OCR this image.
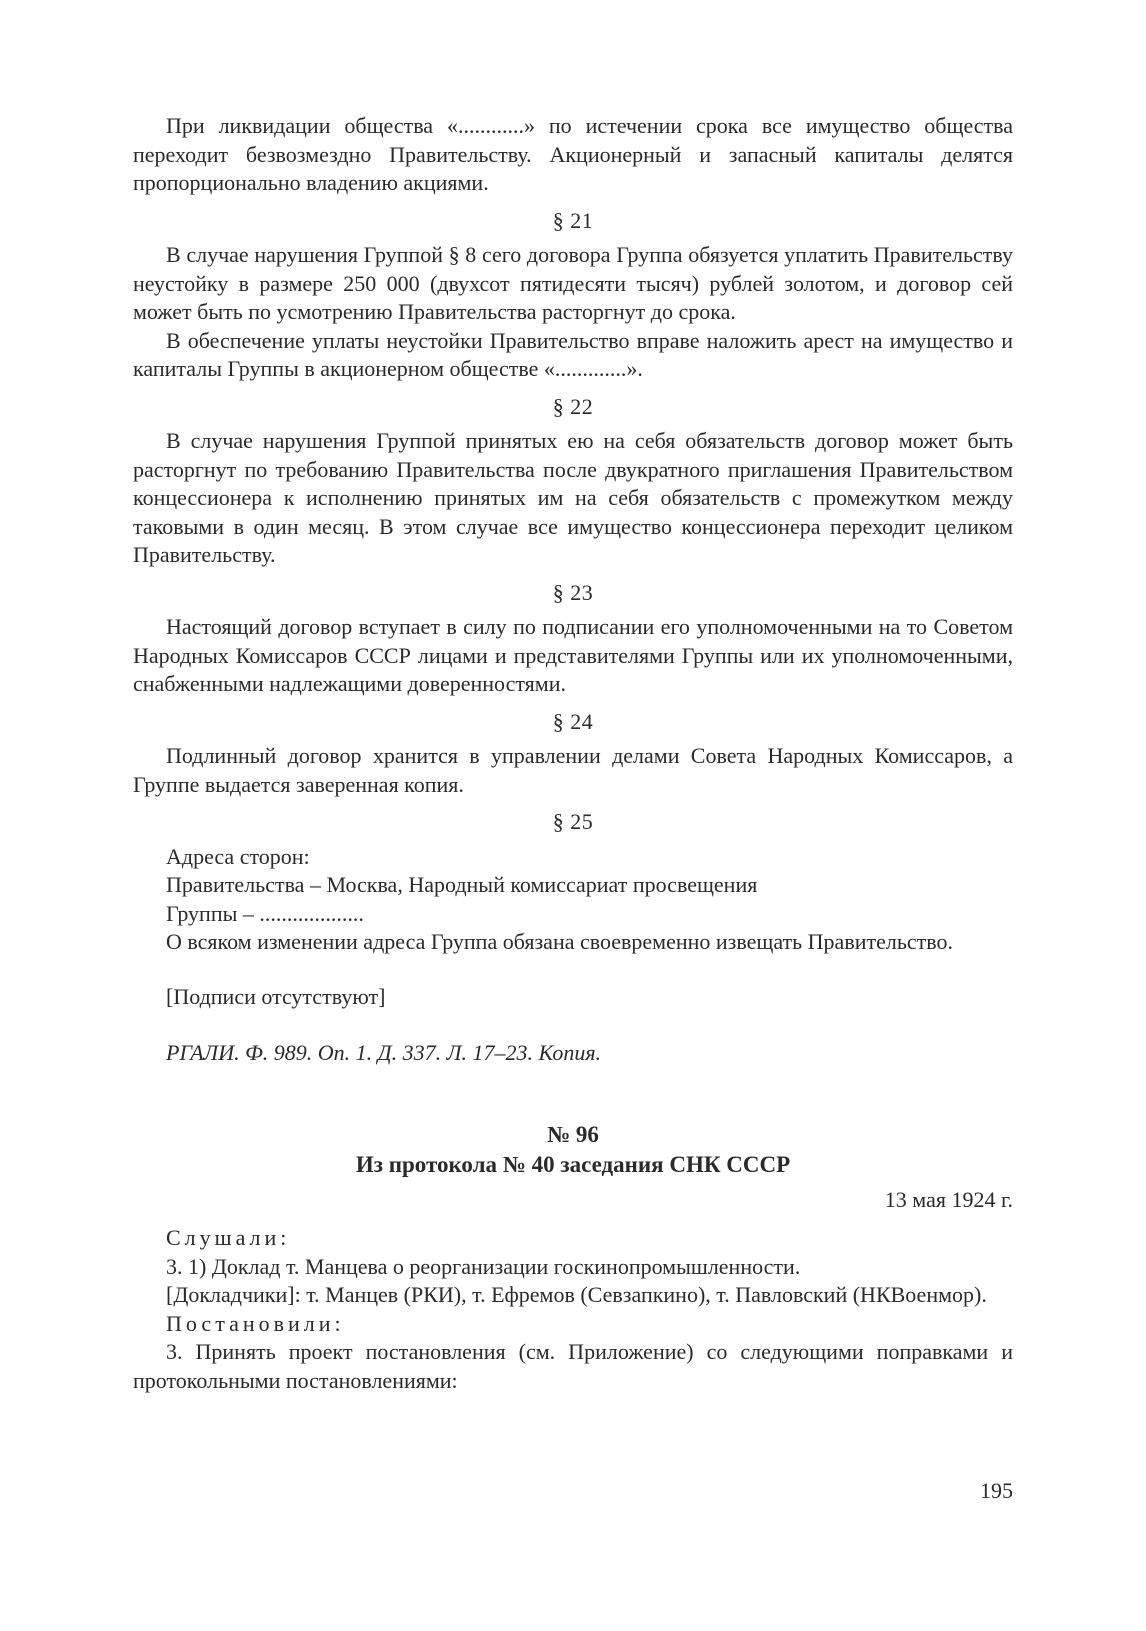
При ликвидации общества «............» по истечении срока все имущество общества переходит безвозмездно Правительству. Акционерный и запасный капиталы делятся пропорционально владению акциями.

§ 21

В случае нарушения Группой § 8 сего договора Группа обязуется уплатить Правительству неустойку в размере 250 000 (двухсот пятидесяти тысяч) рублей золотом, и договор сей может быть по усмотрению Правительства расторгнут до срока.

В обеспечение уплаты неустойки Правительство вправе наложить арест на имущество и капиталы Группы в акционерном обществе «.............».

§ 22

В случае нарушения Группой принятых ею на себя обязательств договор может быть расторгнут по требованию Правительства после двукратного приглашения Правительством концессионера к исполнению принятых им на себя обязательств с промежутком между таковыми в один месяц. В этом случае все имущество концессионера переходит целиком Правительству.

§ 23

Настоящий договор вступает в силу по подписании его уполномоченными на то Советом Народных Комиссаров СССР лицами и представителями Группы или их уполномоченными, снабженными надлежащими доверенностями.

§ 24

Подлинный договор хранится в управлении делами Совета Народных Комиссаров, а Группе выдается заверенная копия.

§ 25

Адреса сторон:

Правительства – Москва, Народный комиссариат просвещения

Группы – ...................

О всяком изменении адреса Группа обязана своевременно извещать Правительство.

[Подписи отсутствуют]

РГАЛИ. Ф. 989. Оп. 1. Д. 337. Л. 17–23. Копия.

№ 96
Из протокола № 40 заседания СНК СССР
13 мая 1924 г.

Слушали:

3. 1) Доклад т. Манцева о реорганизации госкинопромышленности.

[Докладчики]: т. Манцев (РКИ), т. Ефремов (Севзапкино), т. Павловский (НКВоенмор).

Постановили:

3. Принять проект постановления (см. Приложение) со следующими поправками и протокольными постановлениями:

195
